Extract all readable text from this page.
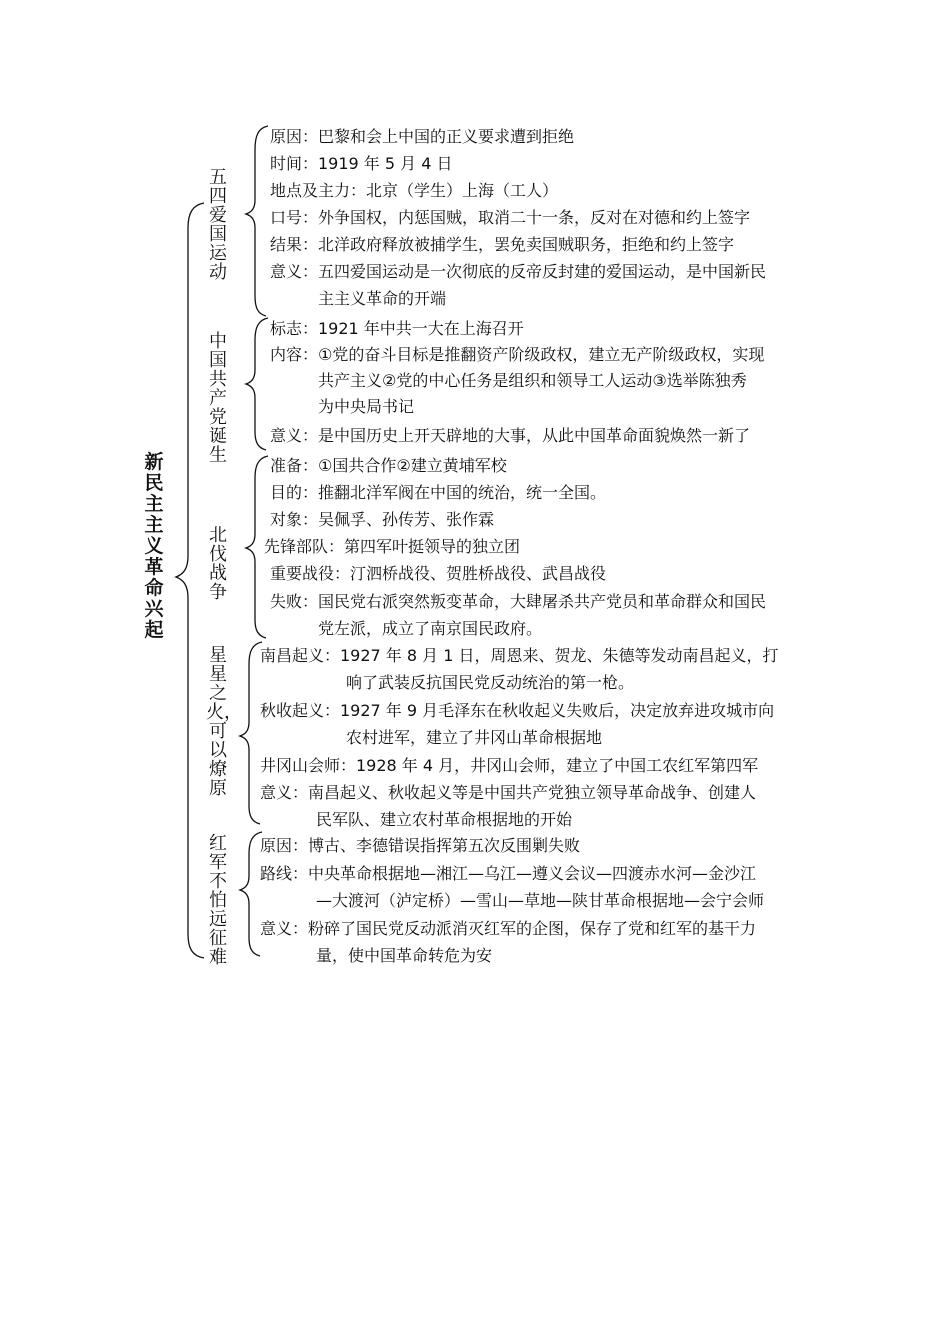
新民主主义革命兴起
五四爱国运动
原因：巴黎和会上中国的正义要求遭到拒绝
时间：1919 年 5 月 4 日
地点及主力：北京（学生）上海（工人）
口号：外争国权，内惩国贼，取消二十一条，反对在对德和约上签字
结果：北洋政府释放被捕学生，罢免卖国贼职务，拒绝和约上签字
意义：五四爱国运动是一次彻底的反帝反封建的爱国运动，是中国新民
主主义革命的开端
中国共产党诞生
标志：1921 年中共一大在上海召开
内容：①党的奋斗目标是推翻资产阶级政权，建立无产阶级政权，实现
共产主义②党的中心任务是组织和领导工人运动③选举陈独秀
为中央局书记
意义：是中国历史上开天辟地的大事，从此中国革命面貌焕然一新了
北伐战争
准备：①国共合作②建立黄埔军校
目的：推翻北洋军阀在中国的统治，统一全国。
对象：吴佩孚、孙传芳、张作霖
先锋部队：第四军叶挺领导的独立团
重要战役：汀泗桥战役、贺胜桥战役、武昌战役
失败：国民党右派突然叛变革命，大肆屠杀共产党员和革命群众和国民
党左派，成立了南京国民政府。
星星之火，可以燎原
南昌起义：1927 年 8 月 1 日，周恩来、贺龙、朱德等发动南昌起义，打
响了武装反抗国民党反动统治的第一枪。
秋收起义：1927 年 9 月毛泽东在秋收起义失败后，决定放弃进攻城市向
农村进军，建立了井冈山革命根据地
井冈山会师：1928 年 4 月，井冈山会师，建立了中国工农红军第四军
意义：南昌起义、秋收起义等是中国共产党独立领导革命战争、创建人
民军队、建立农村革命根据地的开始
红军不怕远征难
原因：博古、李德错误指挥第五次反围剿失败
路线：中央革命根据地—湘江—乌江—遵义会议—四渡赤水河—金沙江
—大渡河（泸定桥）—雪山—草地—陕甘革命根据地—会宁会师
意义：粉碎了国民党反动派消灭红军的企图，保存了党和红军的基干力
量，使中国革命转危为安
